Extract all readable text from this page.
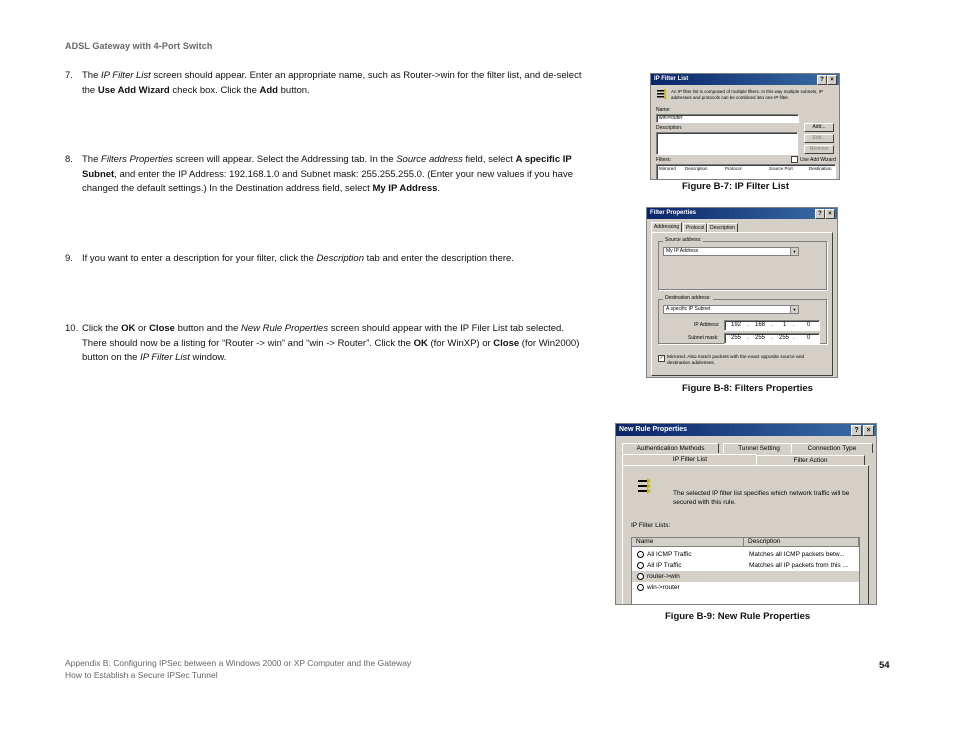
ADSL Gateway with 4-Port Switch
7. The IP Filter List screen should appear. Enter an appropriate name, such as Router->win for the filter list, and de-select the Use Add Wizard check box. Click the Add button.
8. The Filters Properties screen will appear. Select the Addressing tab. In the Source address field, select A specific IP Subnet, and enter the IP Address: 192.168.1.0 and Subnet mask: 255.255.255.0. (Enter your new values if you have changed the default settings.) In the Destination address field, select My IP Address.
9. If you want to enter a description for your filter, click the Description tab and enter the description there.
10. Click the OK or Close button and the New Rule Properties screen should appear with the IP Filer List tab selected. There should now be a listing for “Router -> win” and “win -> Router”. Click the OK (for WinXP) or Close (for Win2000) button on the IP Filter List window.
IP Filter List	?	×
An IP filter list is composed of multiple filters. In this way multiple subnets, IP addresses and protocols can be combined into one IP filter.
Name:
win>router
Description:	Add...
Edit...
Remove
Filters:	Use Add Wizard
Mirrored Description	Protocol	Source Port	Destination
Figure B-7: IP Filter List
Filter Properties	?	×
Addressing	Protocol	Description
Source address:
My IP Address	▼
Destination address:
A specific IP Subnet	▼
IP Address: 192 . 168 . 1 . 0
Subnet mask: 255 . 255 . 255 . 0
✓ Mirrored. Also match packets with the exact opposite source and destination addresses.
Figure B-8: Filters Properties
New Rule Properties	?	×
Authentication Methods	Tunnel Setting	Connection Type
IP Filter List	Filter Action
The selected IP filter list specifies which network traffic will be secured with this rule.
IP Filter Lists:
Name	Description
All ICMP Traffic	Matches all ICMP packets betw...
All IP Traffic	Matches all IP packets from this ...
router->win
win->router
Figure B-9: New Rule Properties
Appendix B: Configuring IPSec between a Windows 2000 or XP Computer and the Gateway
How to Establish a Secure IPSec Tunnel
54
